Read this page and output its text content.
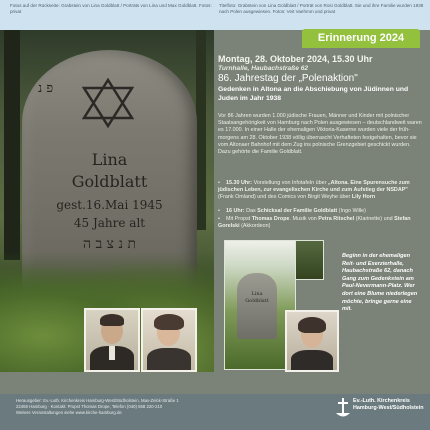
Fotos auf der Rückseite: Grabstein von Lina Goldblatt / Porträts von Lina und Max Goldblatt. Fotos: privat
Titelfoto: Grabstein von Lina Goldblatt / Porträt von Rosi Goldblatt. Sie und ihre Familie wurden 1938 nach Polen ausgewiesen. Fotos: Veit Vaehmm und privat
פ נ
Lina
Goldblatt
gest.16.Mai 1945
45 Jahre alt
ת נ צ ב ה
Erinnerung 2024
Montag, 28. Oktober 2024, 15.30 Uhr
Turnhalle, Haubachstraße 62
86. Jahrestag der „Polenaktion"
Gedenken in Altona an die Abschiebung von Jüdinnen und Juden im Jahr 1938
Vor 86 Jahren wurden 1.000 jüdische Frauen, Männer und Kinder mit polnischer Staatsangehörigkeit von Hamburg nach Polen ausgewiesen – deutschlandweit waren es 17.000. In einer Halle der ehemaligen Viktoria-Kaserne wurden viele der früh-morgens am 28. Oktober 1938 völlig überrascht Verhafteten festgehalten, bevor sie vom Altonaer Bahnhof mit dem Zug ins polnische Grenzgebiet geschickt wurden. Dazu gehörte die Familie Goldblatt.
• 15.30 Uhr: Vorstellung von Infotafeln über „Altona. Eine Spurensuche zum jüdischen Leben, zur evangelischen Kirche und zum Aufstieg der NSDAP" (Frank Omland) und des Comics von Birgit Weyhe über Lily Horn
• 16 Uhr: Das Schicksal der Familie Goldblatt (Ingo Wille)
• Mit Propst Thomas Drope. Musik von Petra Ritschel (Klarinette) und Stefan Gorelski (Akkordeon)
Lina
Goldblatt
Beginn in der ehemaligen Reit- und Exerzierhalle, Haubachstraße 62, danach Gang zum Gedenkstein am Paul-Nevermann-Platz. Wer dort eine Blume niederlegen möchte, bringe gerne eine mit.
Herausgeber: Ev.-Luth. Kirchenkreis Hamburg-West/Südholstein, Max-Zelck-Straße 1
22459 Hamburg · Kontakt: Propst Thomas Drope, Telefon (040) 558 220-210
Weitere Veranstaltungen siehe www.kirche-hamburg.de
Ev.-Luth. Kirchenkreis
Hamburg-West/Südholstein
